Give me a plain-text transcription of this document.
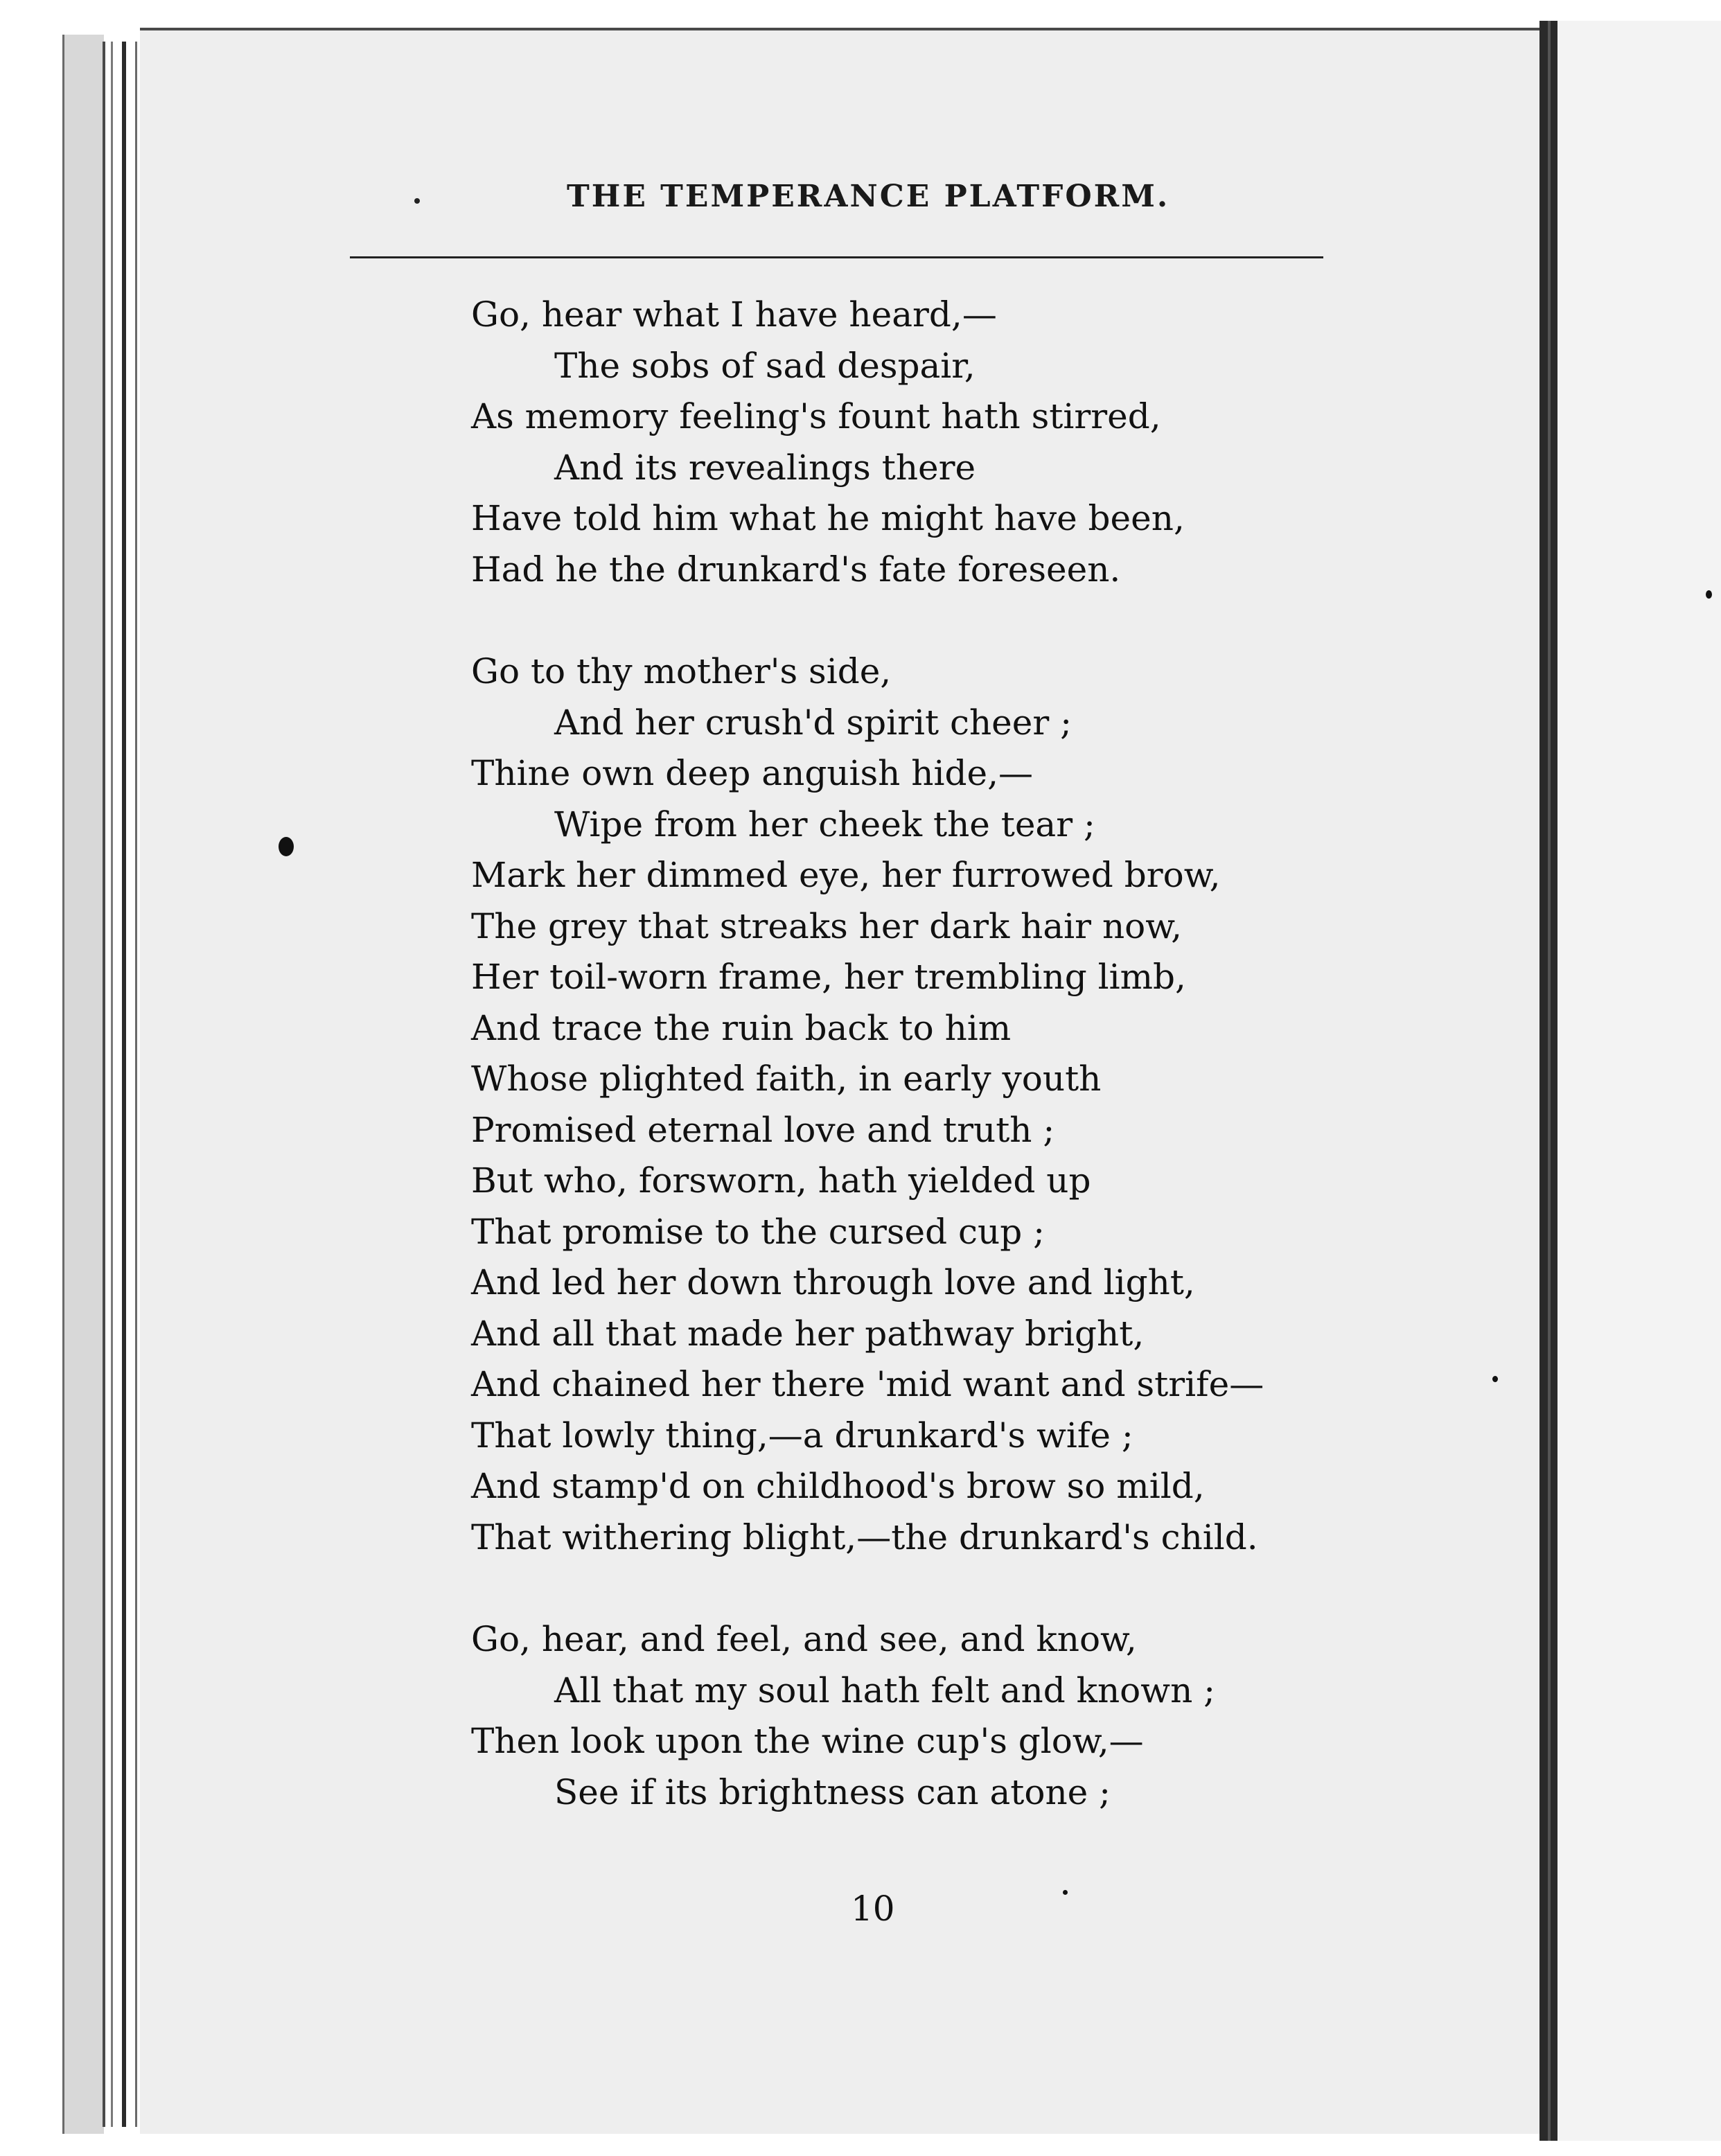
THE TEMPERANCE PLATFORM.
Go, hear what I have heard,—
The sobs of sad despair,
As memory feeling's fount hath stirred,
And its revealings there
Have told him what he might have been,
Had he the drunkard's fate foreseen.
Go to thy mother's side,
And her crush'd spirit cheer ;
Thine own deep anguish hide,—
Wipe from her cheek the tear ;
Mark her dimmed eye, her furrowed brow,
The grey that streaks her dark hair now,
Her toil-worn frame, her trembling limb,
And trace the ruin back to him
Whose plighted faith, in early youth
Promised eternal love and truth ;
But who, forsworn, hath yielded up
That promise to the cursed cup ;
And led her down through love and light,
And all that made her pathway bright,
And chained her there 'mid want and strife—
That lowly thing,—a drunkard's wife ;
And stamp'd on childhood's brow so mild,
That withering blight,—the drunkard's child.
Go, hear, and feel, and see, and know,
All that my soul hath felt and known ;
Then look upon the wine cup's glow,—
See if its brightness can atone ;
10
